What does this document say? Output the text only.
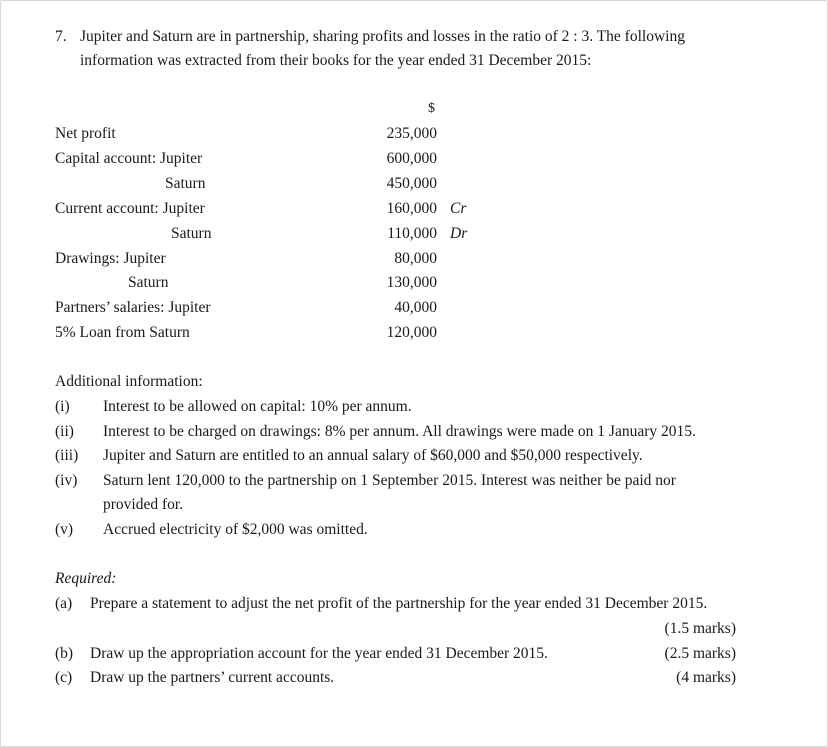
7. Jupiter and Saturn are in partnership, sharing profits and losses in the ratio of 2 : 3. The following
information was extracted from their books for the year ended 31 December 2015:
$
Net profit	235,000
Capital account: Jupiter	600,000
Saturn	450,000
Current account: Jupiter	160,000 Cr
Saturn	110,000 Dr
Drawings: Jupiter	80,000
Saturn	130,000
Partners’ salaries: Jupiter	40,000
5% Loan from Saturn	120,000
Additional information:
(i) Interest to be allowed on capital: 10% per annum.
(ii) Interest to be charged on drawings: 8% per annum. All drawings were made on 1 January 2015.
(iii) Jupiter and Saturn are entitled to an annual salary of $60,000 and $50,000 respectively.
(iv) Saturn lent 120,000 to the partnership on 1 September 2015. Interest was neither be paid nor
provided for.
(v) Accrued electricity of $2,000 was omitted.
Required:
(a) Prepare a statement to adjust the net profit of the partnership for the year ended 31 December 2015.
(1.5 marks)
(b) Draw up the appropriation account for the year ended 31 December 2015.	(2.5 marks)
(c) Draw up the partners’ current accounts.	(4 marks)
